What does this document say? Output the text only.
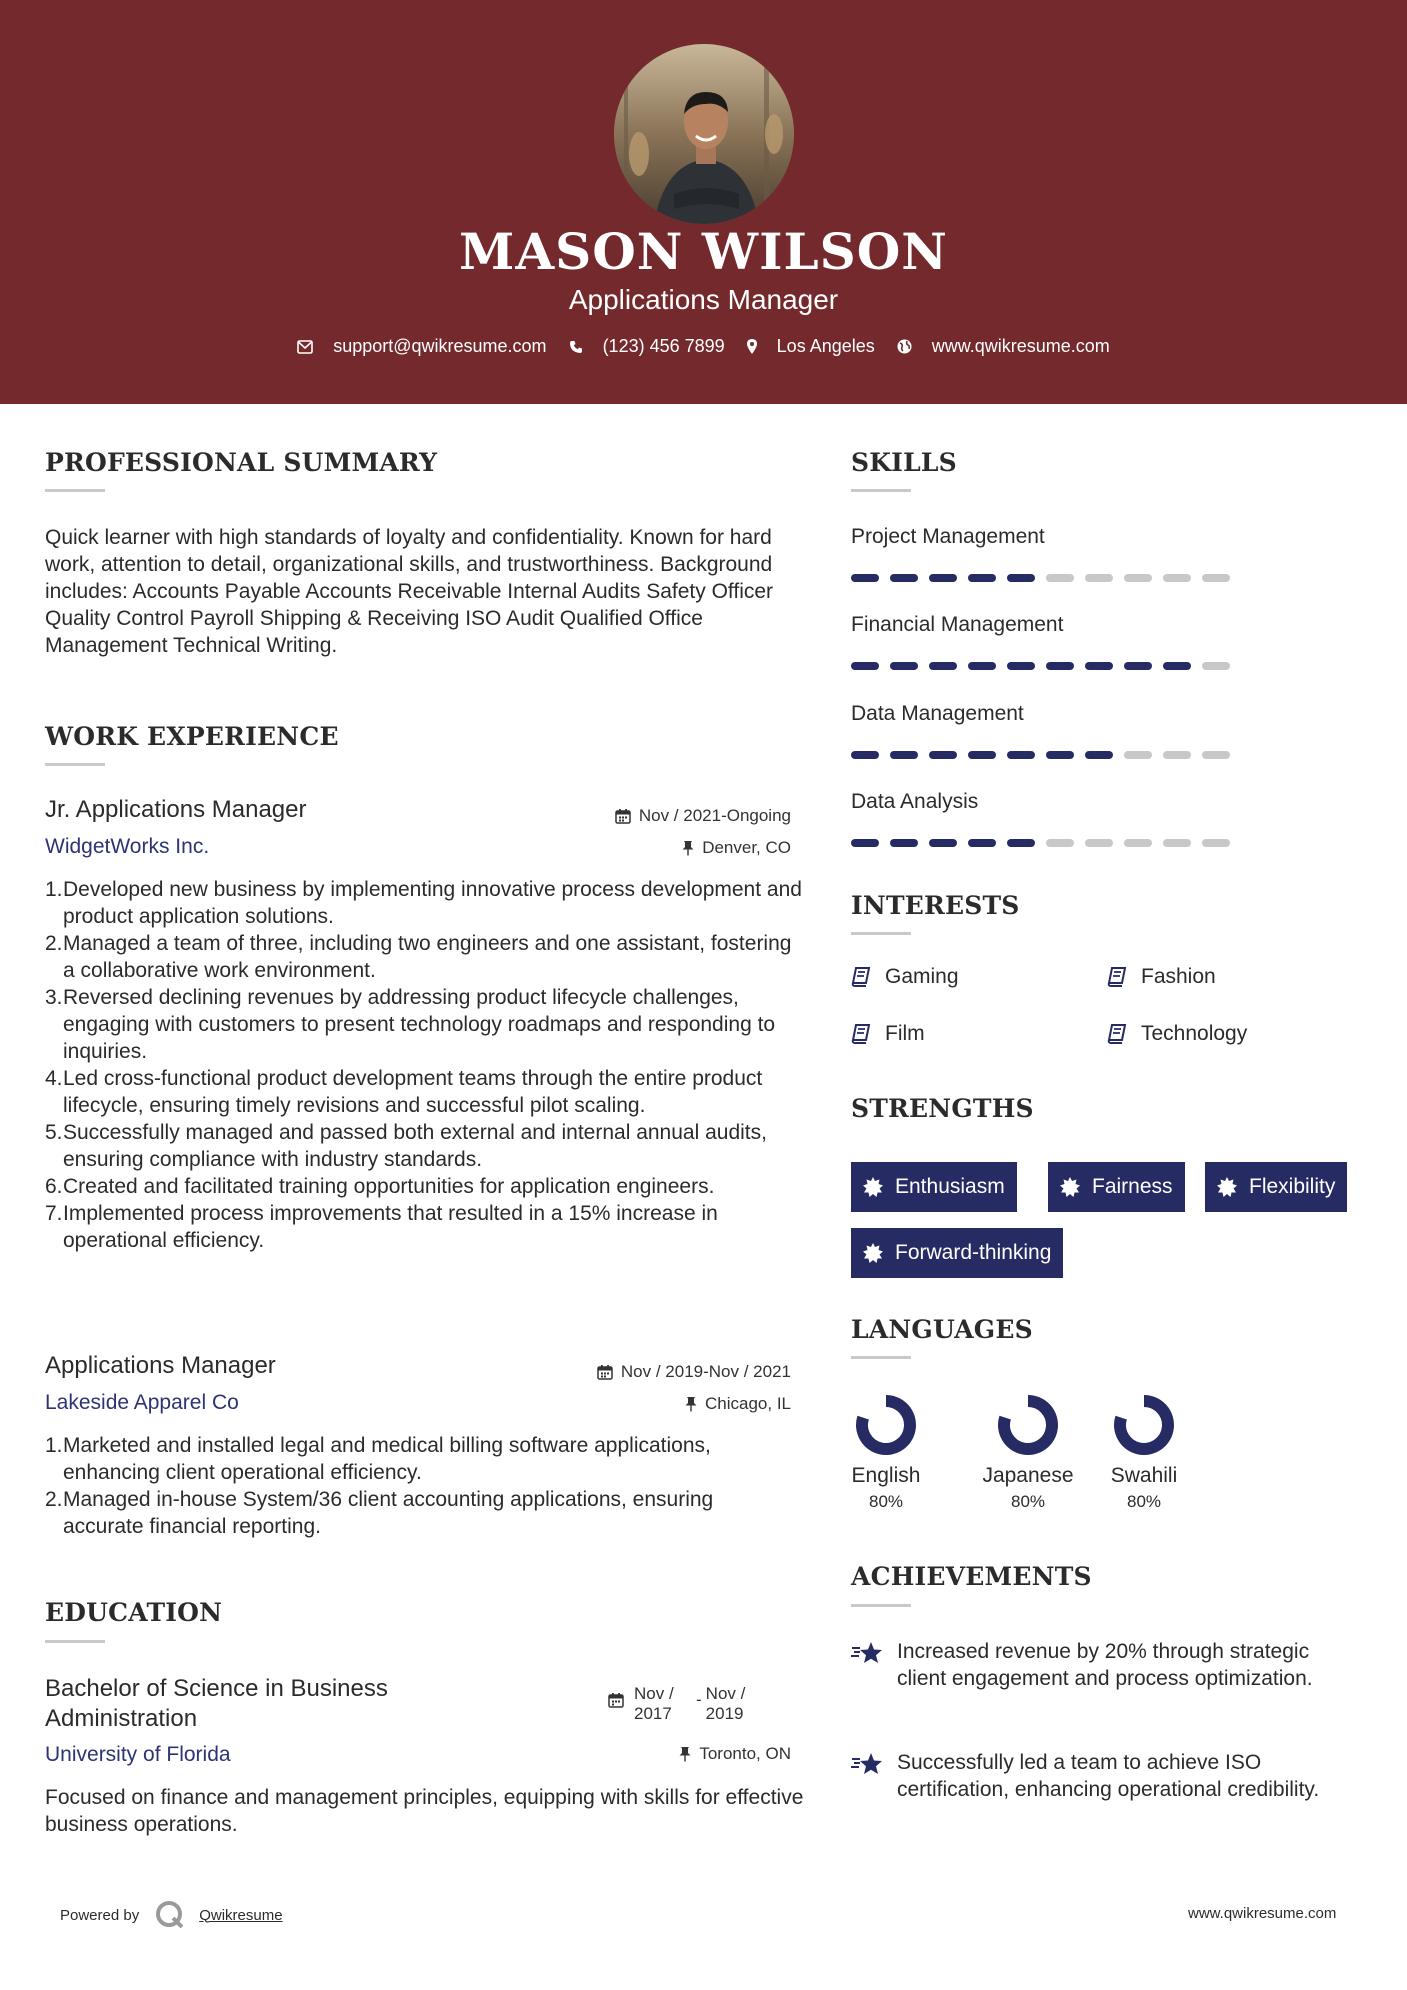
MASON WILSON
Applications Manager
support@qwikresume.com	(123) 456 7899	Los Angeles	www.qwikresume.com
PROFESSIONAL SUMMARY
Quick learner with high standards of loyalty and confidentiality. Known for hard work, attention to detail, organizational skills, and trustworthiness. Background includes: Accounts Payable Accounts Receivable Internal Audits Safety Officer Quality Control Payroll Shipping & Receiving ISO Audit Qualified Office Management Technical Writing.
WORK EXPERIENCE
Jr. Applications Manager	Nov / 2021-Ongoing
WidgetWorks Inc.	Denver, CO
1. Developed new business by implementing innovative process development and product application solutions.
2. Managed a team of three, including two engineers and one assistant, fostering a collaborative work environment.
3. Reversed declining revenues by addressing product lifecycle challenges, engaging with customers to present technology roadmaps and responding to inquiries.
4. Led cross-functional product development teams through the entire product lifecycle, ensuring timely revisions and successful pilot scaling.
5. Successfully managed and passed both external and internal annual audits, ensuring compliance with industry standards.
6. Created and facilitated training opportunities for application engineers.
7. Implemented process improvements that resulted in a 15% increase in operational efficiency.
Applications Manager	Nov / 2019-Nov / 2021
Lakeside Apparel Co	Chicago, IL
1. Marketed and installed legal and medical billing software applications, enhancing client operational efficiency.
2. Managed in-house System/36 client accounting applications, ensuring accurate financial reporting.
EDUCATION
Bachelor of Science in Business Administration
Nov / 2017
- Nov / 2019
University of Florida	Toronto, ON
Focused on finance and management principles, equipping with skills for effective business operations.
SKILLS
Project Management
Financial Management
Data Management
Data Analysis
INTERESTS
Gaming	Fashion
Film	Technology
STRENGTHS
Enthusiasm	Fairness	Flexibility
Forward-thinking
LANGUAGES
English
80%
Japanese
80%
Swahili
80%
ACHIEVEMENTS
Increased revenue by 20% through strategic client engagement and process optimization.
Successfully led a team to achieve ISO certification, enhancing operational credibility.
Powered by	Qwikresume	www.qwikresume.com
